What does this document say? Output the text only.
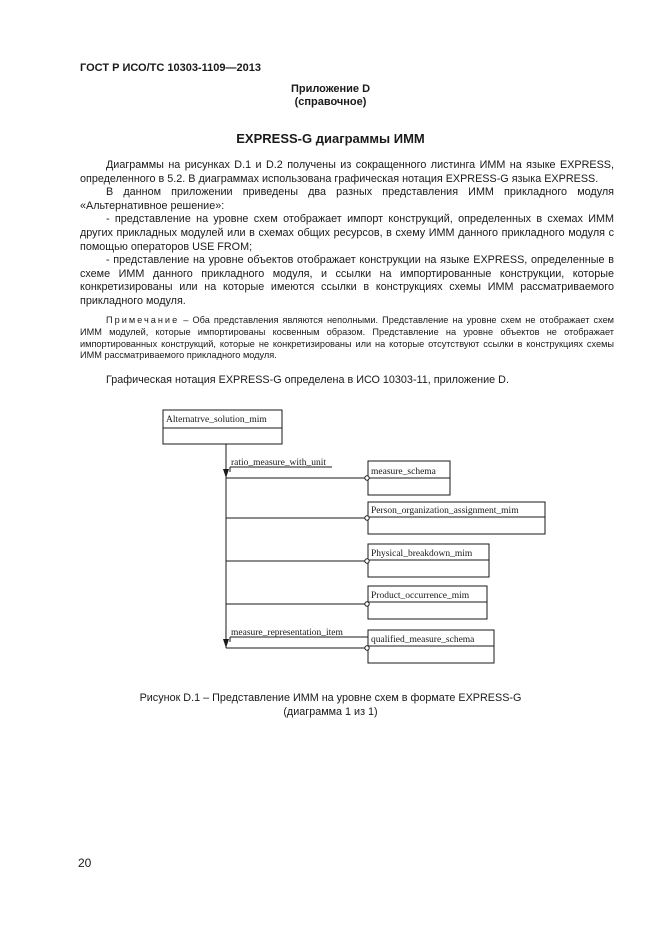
ГОСТ Р ИСО/ТС 10303-1109—2013
Приложение D
(справочное)
EXPRESS-G диаграммы ИММ

Диаграммы на рисунках D.1 и D.2 получены из сокращенного листинга ИММ на языке EXPRESS, определенного в 5.2. В диаграммах использована графическая нотация EXPRESS-G языка EXPRESS.

В данном приложении приведены два разных представления ИММ прикладного модуля «Альтернативное решение»:

- представление на уровне схем отображает импорт конструкций, определенных в схемах ИММ других прикладных модулей или в схемах общих ресурсов, в схему ИММ данного прикладного модуля с помощью операторов USE FROM;

- представление на уровне объектов отображает конструкции на языке EXPRESS, определенные в схеме ИММ данного прикладного модуля, и ссылки на импортированные конструкции, которые конкретизированы или на которые имеются ссылки в конструкциях схемы ИММ рассматриваемого прикладного модуля.

Примечание – Оба представления являются неполными. Представление на уровне схем не отображает схем ИММ модулей, которые импортированы косвенным образом. Представление на уровне объектов не отображает импортированных конструкций, которые не конкретизированы или на которые отсутствуют ссылки в конструкциях схемы ИММ рассматриваемого прикладного модуля.
Графическая нотация EXPRESS-G определена в ИСО 10303-11, приложение D.
Alternatrve_solution_mim
ratio_measure_with_unit
measure_schema
Person_organization_assignment_mim
Physical_breakdown_mim
Product_occurrence_mim
measure_representation_item
qualified_measure_schema
Рисунок D.1 – Представление ИММ на уровне схем в формате EXPRESS-G
(диаграмма 1 из 1)
20
